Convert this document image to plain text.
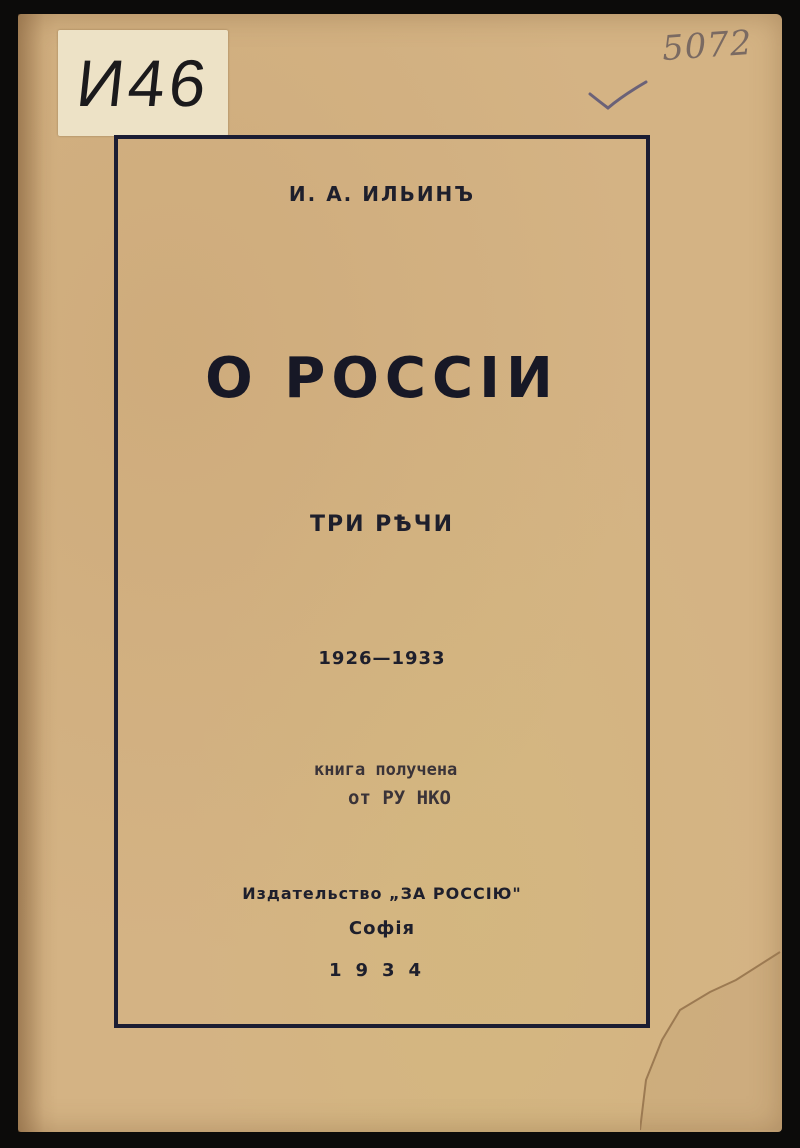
И46
5072
И. А. ИЛЬИНЪ
О РОССIИ
ТРИ РѢЧИ
1926—1933
книга получена
от РУ НКО
Издательство „ЗА РОССIЮ"
Софiя
1934
